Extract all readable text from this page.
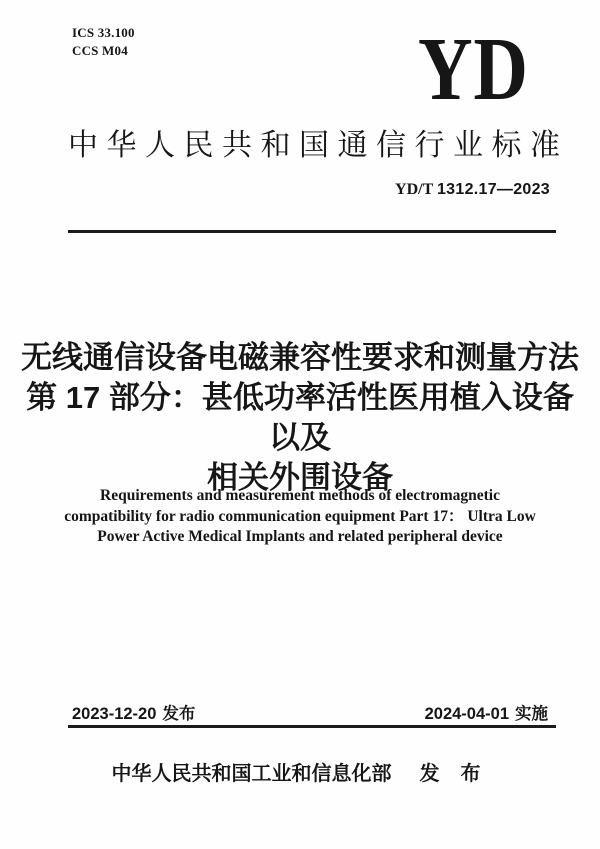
ICS 33.100
CCS M04	YD
中华人民共和国通信行业标准
YD/T 1312.17—2023
无线通信设备电磁兼容性要求和测量方法
第 17 部分：甚低功率活性医用植入设备以及
相关外围设备
Requirements and measurement methods of electromagnetic
compatibility for radio communication equipment Part 17： Ultra Low
Power Active Medical Implants and related peripheral device
2023-12-20 发布	2024-04-01 实施
中华人民共和国工业和信息化部 发 布
